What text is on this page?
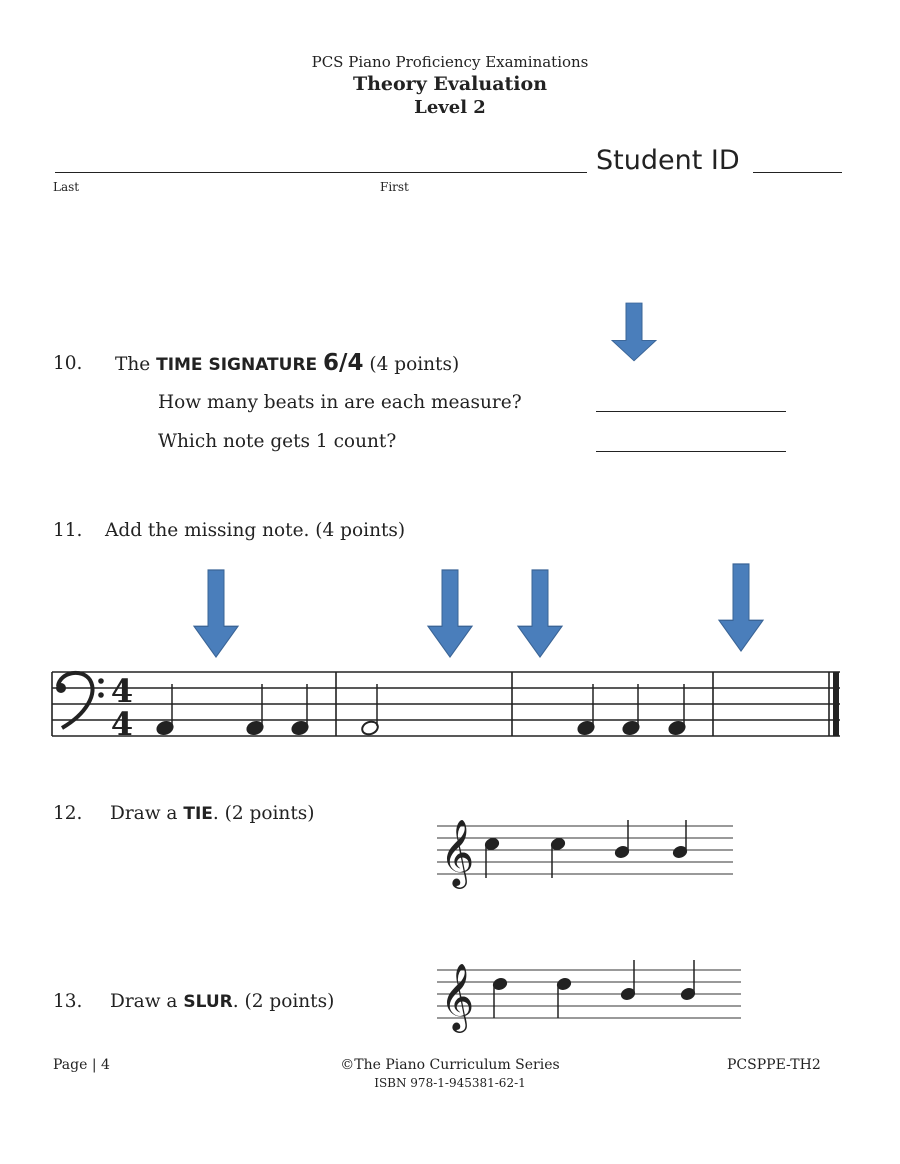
PCS Piano Proficiency Examinations
Theory Evaluation
Level 2
Student ID
Last	First
10. The TIME SIGNATURE 6/4 (4 points)
How many beats in are each measure?
Which note gets 1 count?
11. Add the missing note. (4 points)
12. Draw a TIE. (2 points)
13. Draw a SLUR. (2 points)
Page | 4	©The Piano Curriculum Series
ISBN 978-1-945381-62-1
PCSPPE-TH2
4
4
𝄞
𝄞
